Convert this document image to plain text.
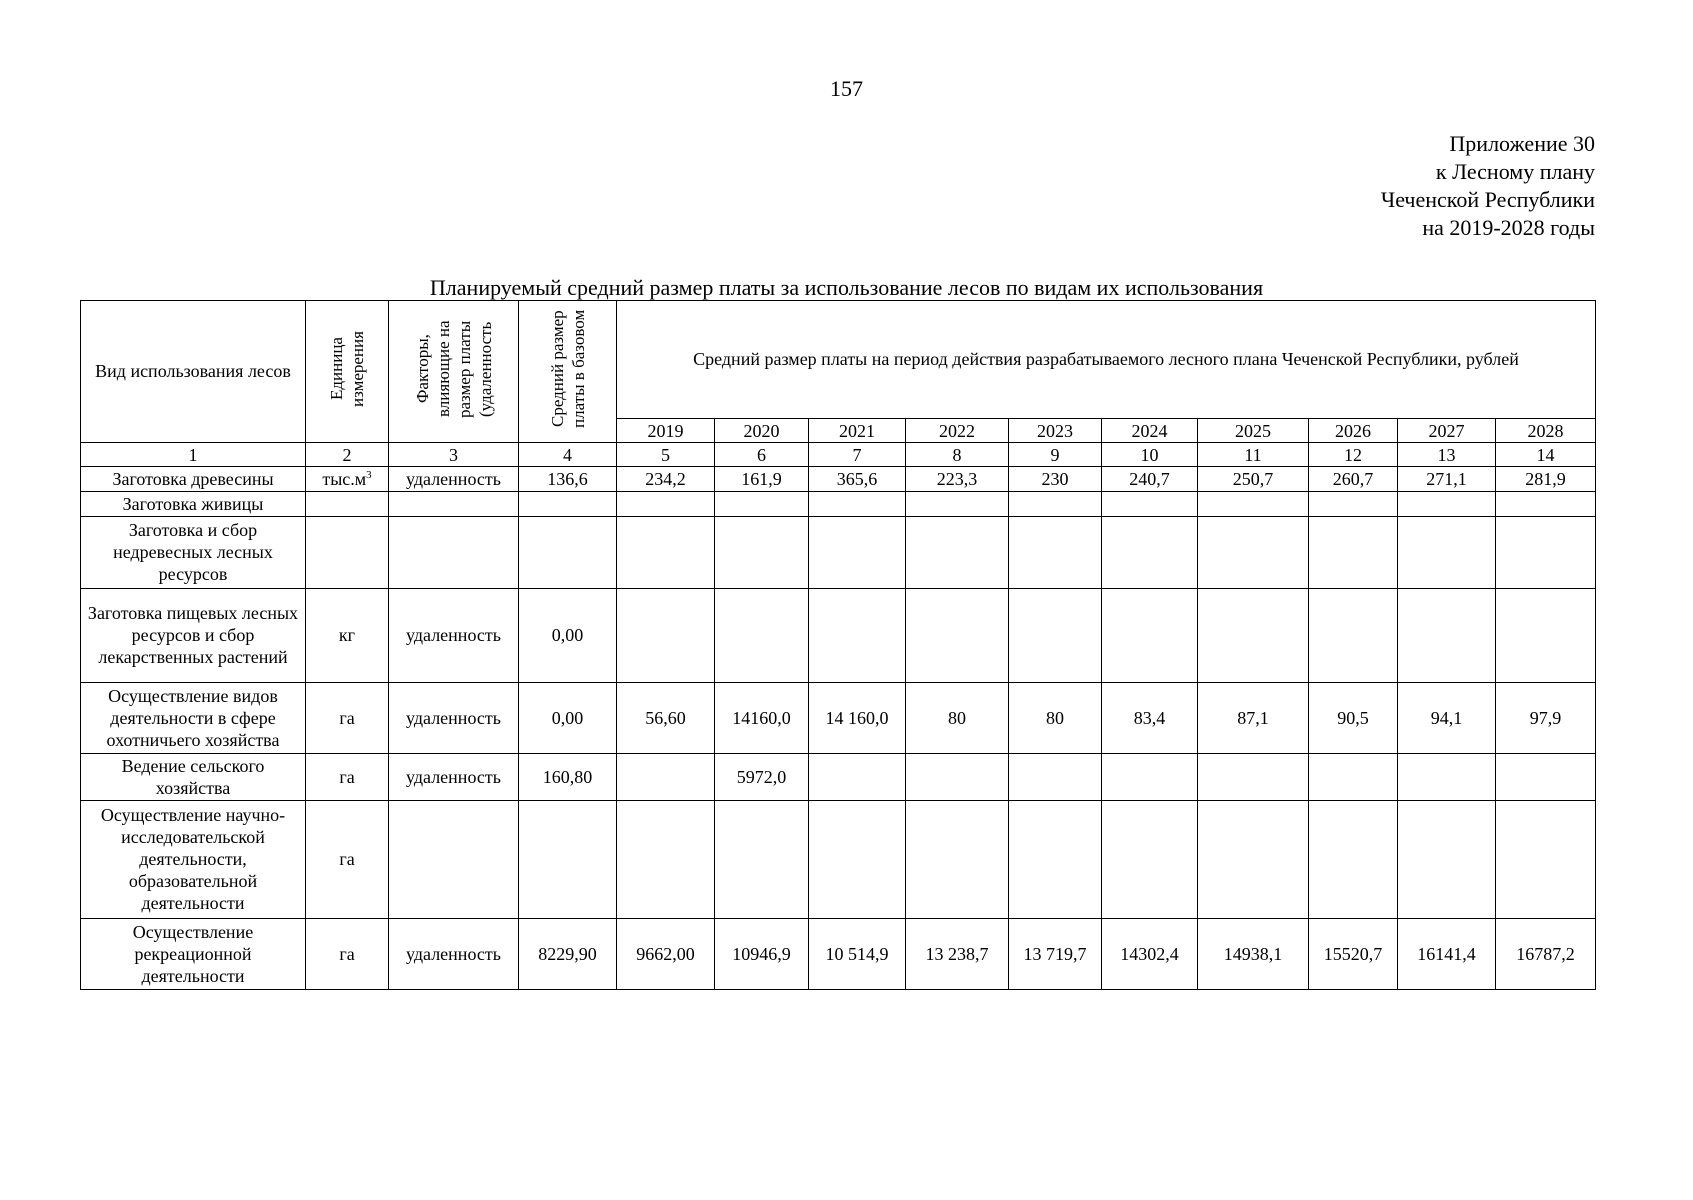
157
Приложение 30
к Лесному плану
Чеченской Республики
на 2019-2028 годы
Планируемый средний размер платы за использование лесов по видам их использования
Вид использования лесов	Единица измерения	Факторы, влияющие на размер платы (удаленность	Средний размер платы в базовом	Средний размер платы на период действия разрабатываемого лесного плана Чеченской Республики, рублей									
				2019	2020	2021	2022	2023	2024	2025	2026	2027	2028
1	2	3	4	5	6	7	8	9	10	11	12	13	14
Заготовка древесины	$тыс.м^3$	удаленность	136,6	234,2	161,9	365,6	223,3	230	240,7	250,7	260,7	271,1	281,9
Заготовка живицы													
Заготовка и сбор недревесных лесных ресурсов													
Заготовка пищевых лесных ресурсов и сбор лекарственных растений	кг	удаленность	0,00										
Осуществление видов деятельности в сфере охотничьего хозяйства	га	удаленность	0,00	56,60	14160,0	14 160,0	80	80	83,4	87,1	90,5	94,1	97,9
Ведение сельского хозяйства	га	удаленность	160,80		5972,0								
Осуществление научно-исследовательской деятельности, образовательной деятельности	га												
Осуществление рекреационной деятельности	га	удаленность	8229,90	9662,00	10946,9	10 514,9	13 238,7	13 719,7	14302,4	14938,1	15520,7	16141,4	16787,2
